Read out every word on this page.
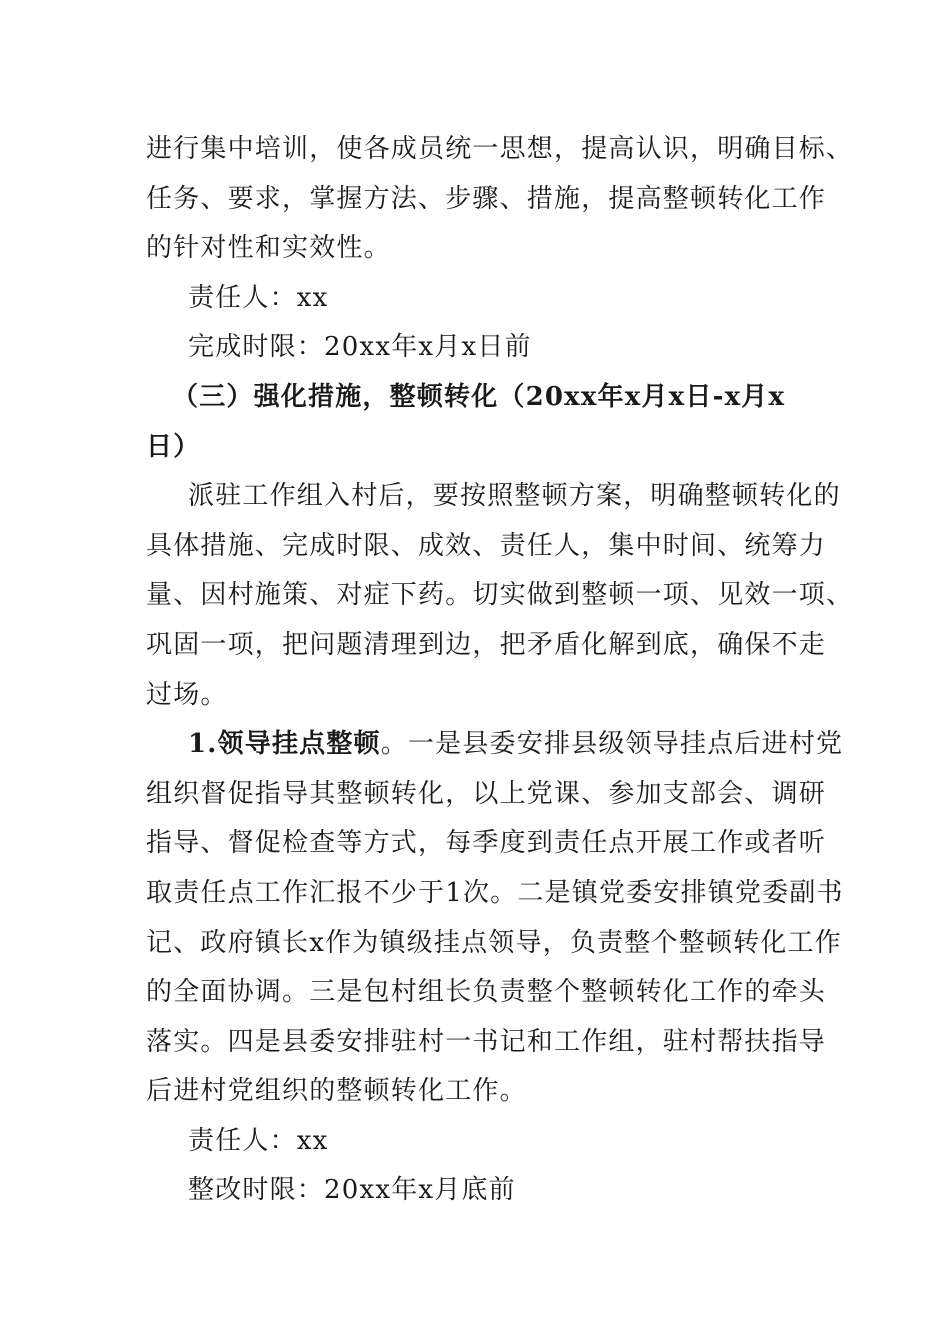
进行集中培训，使各成员统一思想，提高认识，明确目标、
任务、要求，掌握方法、步骤、措施，提高整顿转化工作
的针对性和实效性。

责任人：xx

完成时限：20xx年x月x日前

（三）强化措施，整顿转化（20xx年x月x日-x月x
日）

派驻工作组入村后，要按照整顿方案，明确整顿转化的
具体措施、完成时限、成效、责任人，集中时间、统筹力
量、因村施策、对症下药。切实做到整顿一项、见效一项、
巩固一项，把问题清理到边，把矛盾化解到底，确保不走
过场。

1.领导挂点整顿。一是县委安排县级领导挂点后进村党
组织督促指导其整顿转化，以上党课、参加支部会、调研
指导、督促检查等方式，每季度到责任点开展工作或者听
取责任点工作汇报不少于1次。二是镇党委安排镇党委副书
记、政府镇长x作为镇级挂点领导，负责整个整顿转化工作
的全面协调。三是包村组长负责整个整顿转化工作的牵头
落实。四是县委安排驻村一书记和工作组，驻村帮扶指导
后进村党组织的整顿转化工作。

责任人：xx

整改时限：20xx年x月底前
